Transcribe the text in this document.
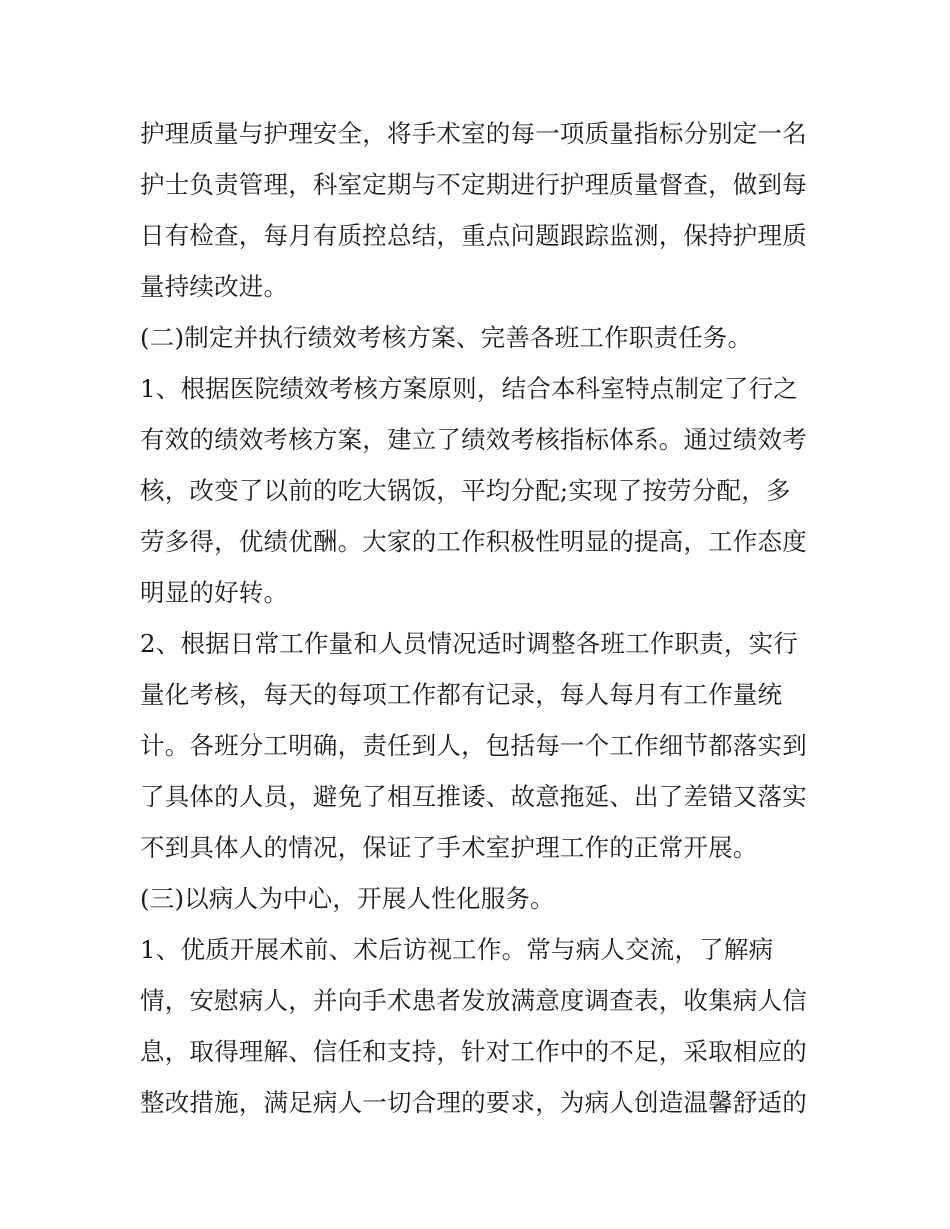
护理质量与护理安全，将手术室的每一项质量指标分别定一名
护士负责管理，科室定期与不定期进行护理质量督查，做到每
日有检查，每月有质控总结，重点问题跟踪监测，保持护理质
量持续改进。
(二)制定并执行绩效考核方案、完善各班工作职责任务。
1、根据医院绩效考核方案原则，结合本科室特点制定了行之
有效的绩效考核方案，建立了绩效考核指标体系。通过绩效考
核，改变了以前的吃大锅饭，平均分配;实现了按劳分配，多
劳多得，优绩优酬。大家的工作积极性明显的提高，工作态度
明显的好转。
2、根据日常工作量和人员情况适时调整各班工作职责，实行
量化考核，每天的每项工作都有记录，每人每月有工作量统
计。各班分工明确，责任到人，包括每一个工作细节都落实到
了具体的人员，避免了相互推诿、故意拖延、出了差错又落实
不到具体人的情况，保证了手术室护理工作的正常开展。
(三)以病人为中心，开展人性化服务。
1、优质开展术前、术后访视工作。常与病人交流，了解病
情，安慰病人，并向手术患者发放满意度调查表，收集病人信
息，取得理解、信任和支持，针对工作中的不足，采取相应的
整改措施，满足病人一切合理的要求，为病人创造温馨舒适的
